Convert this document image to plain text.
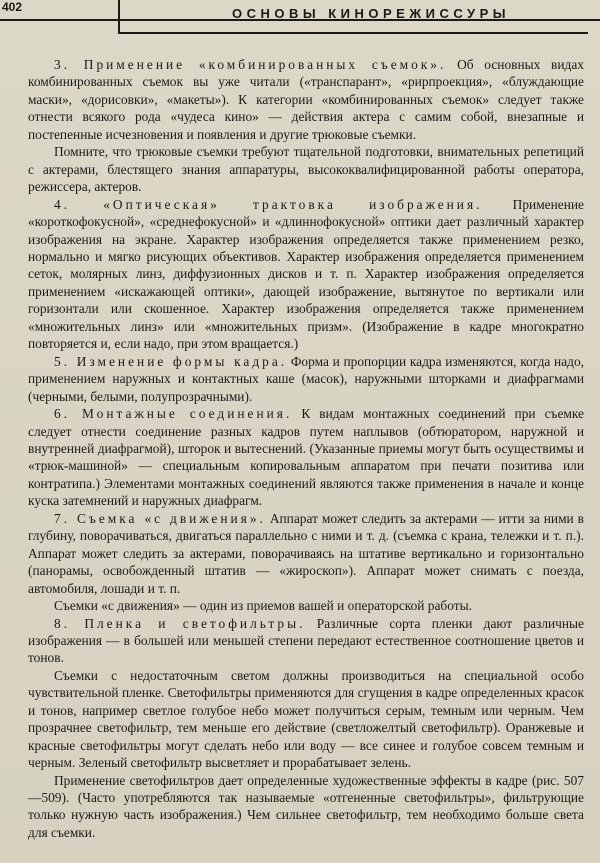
402	ОСНОВЫ КИНОРЕЖИССУРЫ

3. Применение «комбинированных съемок». Об основных видах комбинированных съемок вы уже читали («транспарант», «рирпроекция», «блуждающие маски», «дорисовки», «макеты»). К категории «комбинированных съемок» следует также отнести всякого рода «чудеса кино» — действия актера с самим собой, внезапные и постепенные исчезновения и появления и другие трюковые съемки.

Помните, что трюковые съемки требуют тщательной подготовки, внимательных репетиций с актерами, блестящего знания аппаратуры, высококвалифицированной работы оператора, режиссера, актеров.

4. «Оптическая» трактовка изображения. Применение «короткофокусной», «среднефокусной» и «длиннофокусной» оптики дает различный характер изображения на экране. Характер изображения определяется также применением резко, нормально и мягко рисующих объективов. Характер изображения определяется применением сеток, молярных линз, диффузионных дисков и т. п. Характер изображения определяется применением «искажающей оптики», дающей изображение, вытянутое по вертикали или горизонтали или скошенное. Характер изображения определяется также применением «множительных линз» или «множительных призм». (Изображение в кадре многократно повторяется и, если надо, при этом вращается.)

5. Изменение формы кадра. Форма и пропорции кадра изменяются, когда надо, применением наружных и контактных каше (масок), наружными шторками и диафрагмами (черными, белыми, полупрозрачными).

6. Монтажные соединения. К видам монтажных соединений при съемке следует отнести соединение разных кадров путем наплывов (обтюратором, наружной и внутренней диафрагмой), шторок и вытеснений. (Указанные приемы могут быть осуществимы и «трюк-машиной» — специальным копировальным аппаратом при печати позитива или контратипа.) Элементами монтажных соединений являются также применения в начале и конце куска затемнений и наружных диафрагм.

7. Съемка «с движения». Аппарат может следить за актерами — итти за ними в глубину, поворачиваться, двигаться параллельно с ними и т. д. (съемка с крана, тележки и т. п.). Аппарат может следить за актерами, поворачиваясь на штативе вертикально и горизонтально (панорамы, освобожденный штатив — «жироскоп»). Аппарат может снимать с поезда, автомобиля, лошади и т. п.

Съемки «с движения» — один из приемов вашей и операторской работы.

8. Пленка и светофильтры. Различные сорта пленки дают различные изображения — в большей или меньшей степени передают естественное соотношение цветов и тонов.

Съемки с недостаточным светом должны производиться на специальной особо чувствительной пленке. Светофильтры применяются для сгущения в кадре определенных красок и тонов, например светлое голубое небо может получиться серым, темным или черным. Чем прозрачнее светофильтр, тем меньше его действие (светложелтый светофильтр). Оранжевые и красные светофильтры могут сделать небо или воду — все синее и голубое совсем темным и черным. Зеленый светофильтр высветляет и прорабатывает зелень.

Применение светофильтров дает определенные художественные эффекты в кадре (рис. 507—509). (Часто употребляются так называемые «отгененные светофильтры», фильтрующие только нужную часть изображения.) Чем сильнее светофильтр, тем необходимо больше света для съемки.
